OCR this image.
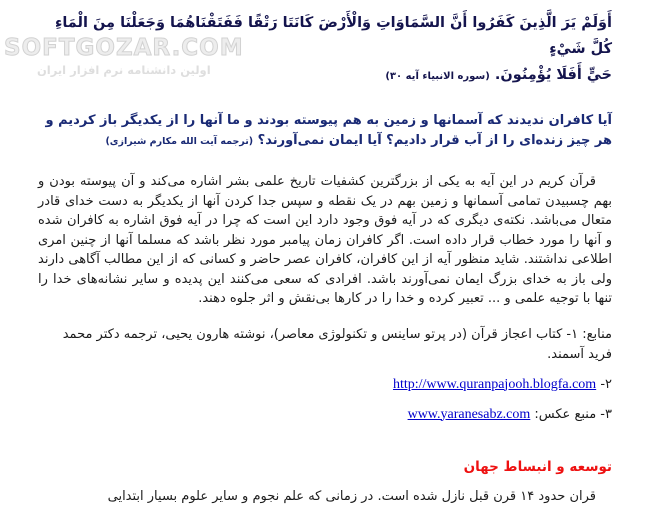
أَوَلَمْ يَرَ الَّذِينَ كَفَرُوا أَنَّ السَّمَاوَاتِ وَالْأَرْضَ كَانَتَا رَتْقًا فَفَتَقْنَاهُمَا وَجَعَلْنَا مِنَ الْمَاءِ كُلَّ شَيْءٍ
حَيٍّ أَفَلَا يُؤْمِنُونَ. (سوره الانبیاء آیه ۳۰)
SOFTGOZAR.COM
اولین دانشنامه نرم افزار ایران

آیا کافران ندیدند که آسمانها و زمین به هم پیوسته بودند و ما آنها را از یکدیگر باز کردیم و هر چیز زنده‌ای را از آب قرار دادیم؟ آیا ایمان نمی‌آورند؟ (ترجمه آیت الله مکارم شیرازی)

قرآن کریم در این آیه به یکی از بزرگترین کشفیات تاریخ علمی بشر اشاره می‌کند و آن پیوسته بودن و بهم چسبیدن تمامی آسمانها و زمین بهم در یک نقطه و سپس جدا کردن آنها از یکدیگر به دست خدای قادر متعال می‌باشد. نکته‌ی دیگری که در آیه فوق وجود دارد این است که چرا در آیه فوق اشاره به کافران شده و آنها را مورد خطاب قرار داده است. اگر کافران زمان پیامبر مورد نظر باشد که مسلما آنها از چنین امری اطلاعی نداشتند. شاید منظور آیه از این کافران، کافران عصر حاضر و کسانی که از این مطالب آگاهی دارند ولی باز به خدای بزرگ ایمان نمی‌آورند باشد. افرادی که سعی می‌کنند این پدیده و سایر نشانه‌های خدا را تنها با توجیه علمی و ... تعبیر کرده و خدا را در کارها بی‌نقش و اثر جلوه دهند.

منابع: ۱- کتاب اعجاز قرآن (در پرتو ساینس و تکنولوژی معاصر)، نوشته هارون یحیی، ترجمه دکتر محمد فرید آسمند.

۲- http://www.quranpajooh.blogfa.com

۳- منبع عکس: www.yaranesabz.com

توسعه و انبساط جهان

قران حدود ۱۴ قرن قبل نازل شده است. در زمانی که علم نجوم و سایر علوم بسیار ابتدایی
